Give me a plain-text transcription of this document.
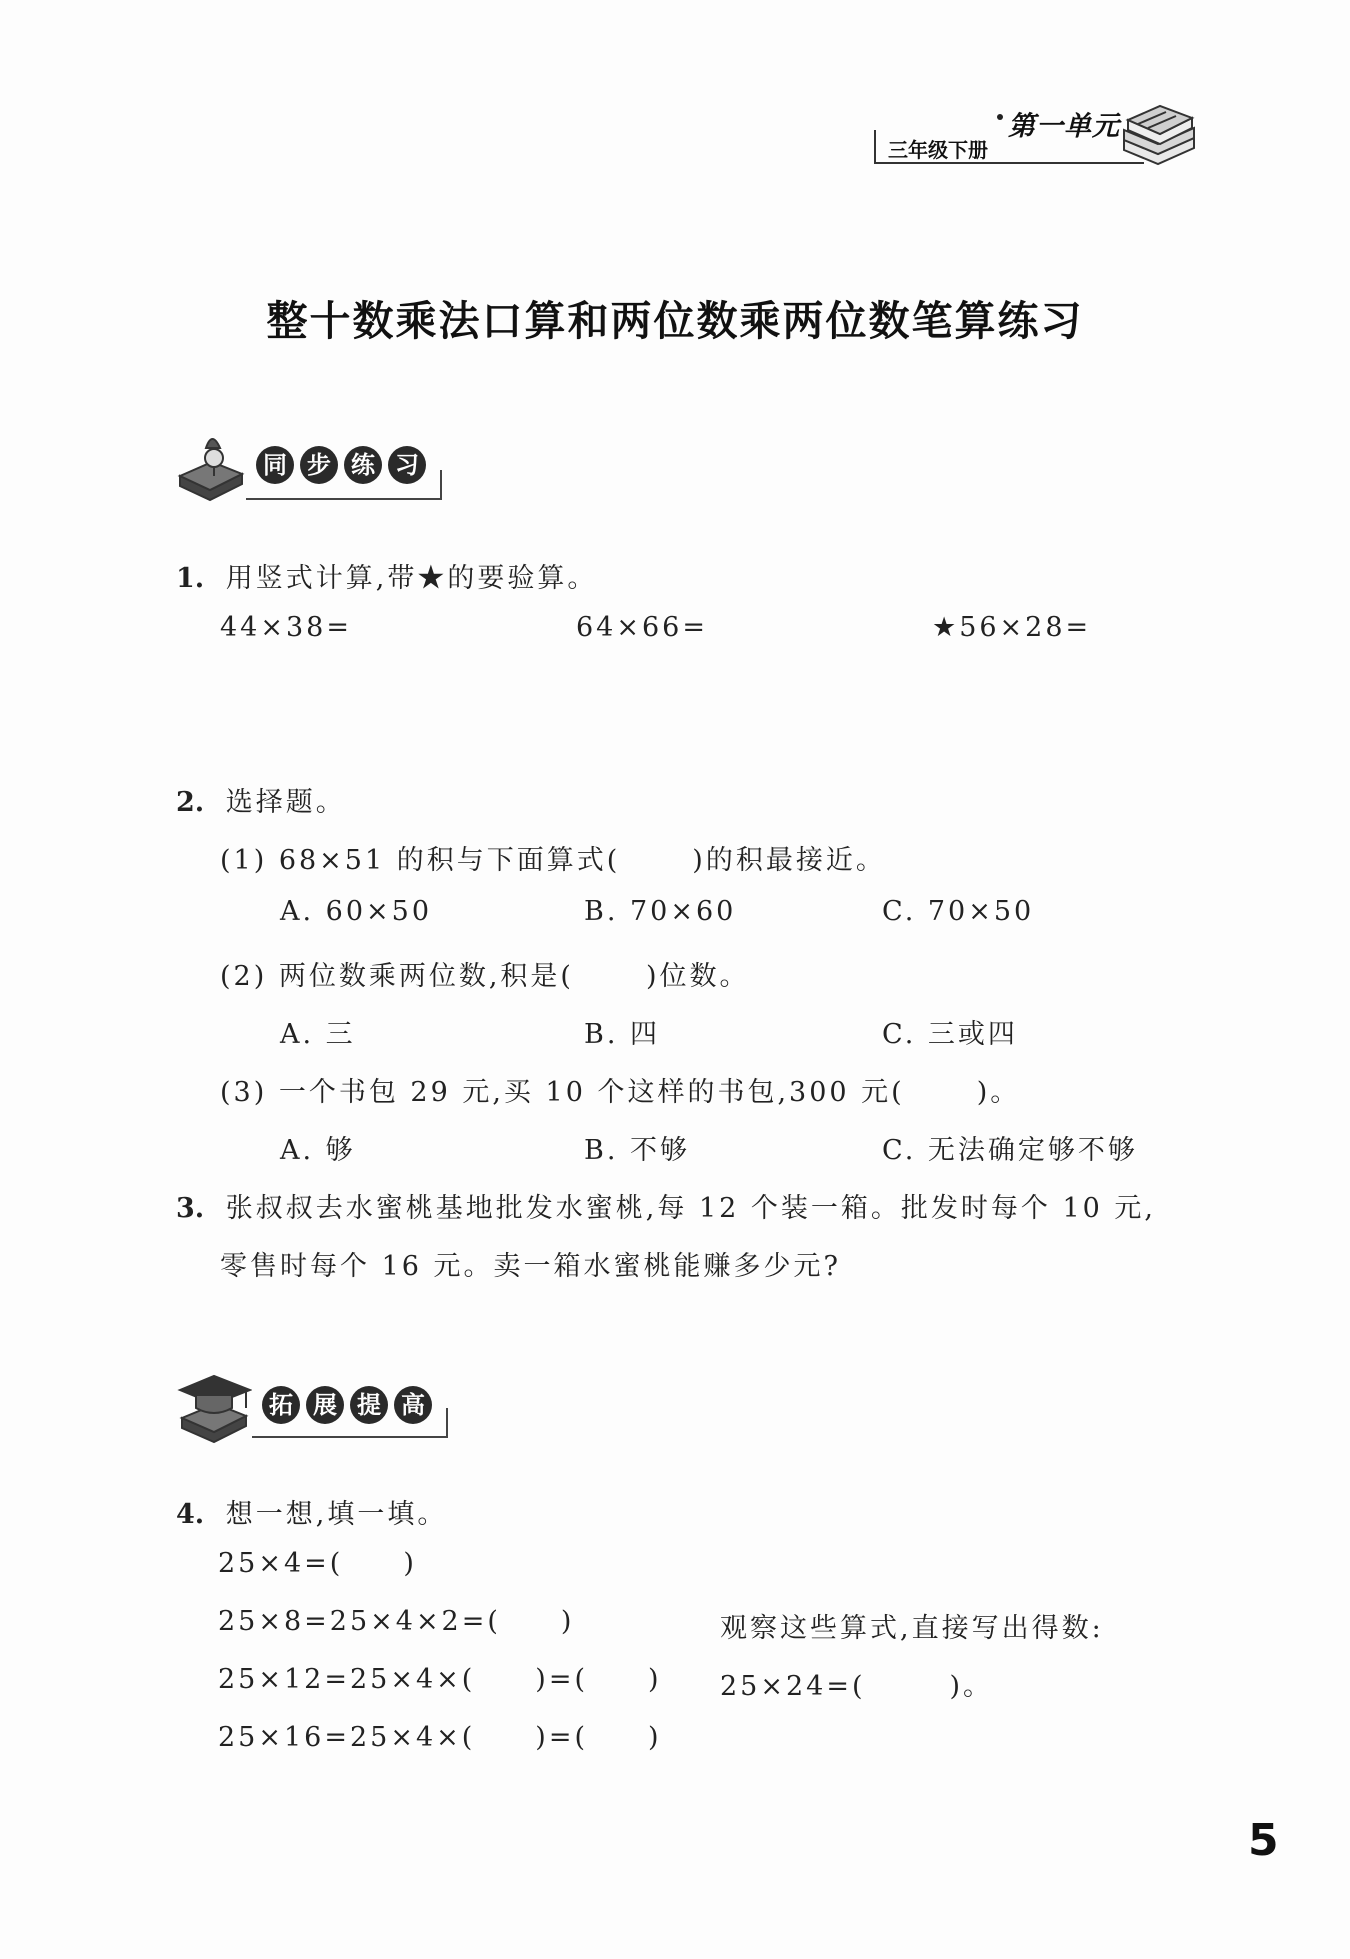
第一单元
三年级下册
整十数乘法口算和两位数乘两位数笔算练习
同 步 练 习
1. 用竖式计算,带★的要验算。
44×38=	64×66=	★56×28=
2. 选择题。
(1) 68×51 的积与下面算式(	)的积最接近。
A. 60×50	B. 70×60	C. 70×50
(2) 两位数乘两位数,积是(	)位数。
A. 三	B. 四	C. 三或四
(3) 一个书包 29 元,买 10 个这样的书包,300 元(	)。
A. 够	B. 不够	C. 无法确定够不够
3. 张叔叔去水蜜桃基地批发水蜜桃,每 12 个装一箱。批发时每个 10 元,
零售时每个 16 元。卖一箱水蜜桃能赚多少元?
拓 展 提 高
4. 想一想,填一填。
25×4=( )
25×8=25×4×2=( )
25×12=25×4×( )=( )
25×16=25×4×( )=( )
观察这些算式,直接写出得数:
25×24=(	)。
5
